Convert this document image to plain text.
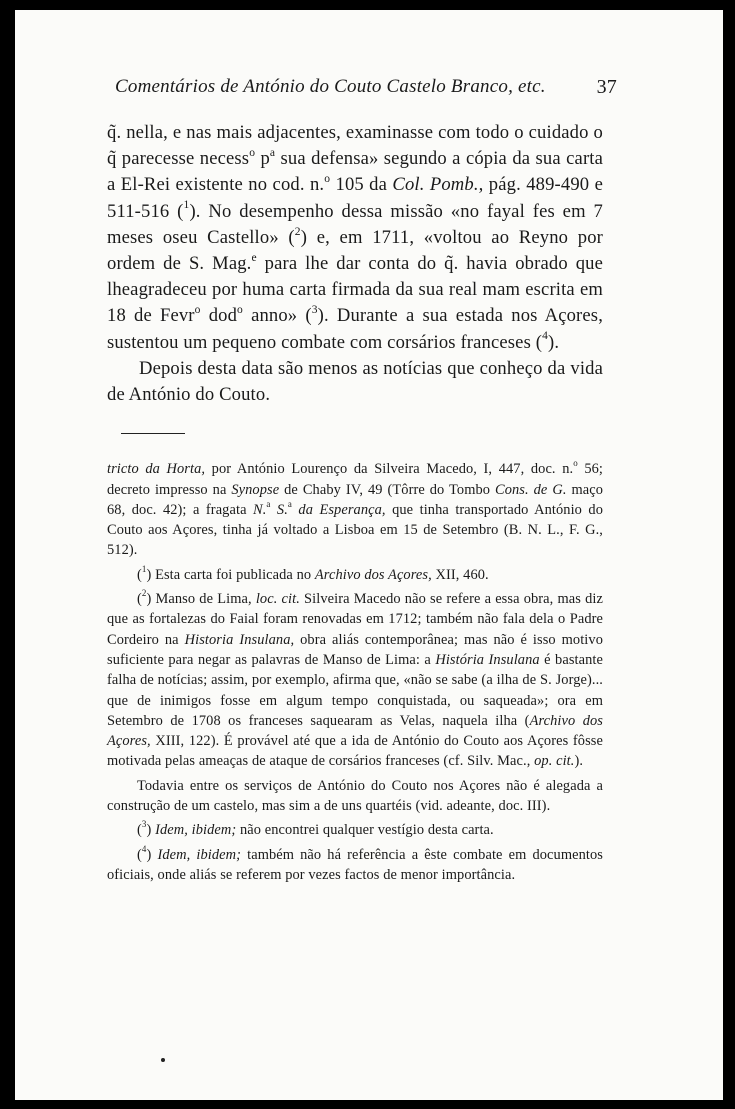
Comentários de António do Couto Castelo Branco, etc.	37

q̃. nella, e nas mais adjacentes, examinasse com todo o cuidado o q̃ parecesse necess$^o$ $p^a$ sua defensa» segundo a cópia da sua carta a El-Rei existente no cod. n.$^o$ 105 da Col. Pomb., pág. 489-490 e 511-516 ($^1$). No desempenho dessa missão «no fayal fes em 7 meses oseu Castello» ($^2$) e, em 1711, «voltou ao Reyno por ordem de S. Mag.$^e$ para lhe dar conta do q̃. havia obrado que lheagradeceu por huma carta firmada da sua real mam escrita em 18 de Fevr$^o$ dod$^o$ anno» ($^3$). Durante a sua estada nos Açores, sustentou um pequeno combate com corsários franceses ($^4$).

Depois desta data são menos as notícias que conheço da vida de António do Couto.

tricto da Horta, por António Lourenço da Silveira Macedo, I, 447, doc. n.$^o$ 56; decreto impresso na Synopse de Chaby IV, 49 (Tôrre do Tombo Cons. de G. maço 68, doc. 42); a fragata N.$^a$ S.$^a$ da Esperança, que tinha transportado António do Couto aos Açores, tinha já voltado a Lisboa em 15 de Setembro (B. N. L., F. G., 512).

($^1$) Esta carta foi publicada no Archivo dos Açores, XII, 460.

($^2$) Manso de Lima, loc. cit. Silveira Macedo não se refere a essa obra, mas diz que as fortalezas do Faial foram renovadas em 1712; também não fala dela o Padre Cordeiro na Historia Insulana, obra aliás contemporânea; mas não é isso motivo suficiente para negar as palavras de Manso de Lima: a História Insulana é bastante falha de notícias; assim, por exemplo, afirma que, «não se sabe (a ilha de S. Jorge)... que de inimigos fosse em algum tempo conquistada, ou saqueada»; ora em Setembro de 1708 os franceses saquearam as Velas, naquela ilha (Archivo dos Açores, XIII, 122). É provável até que a ida de António do Couto aos Açores fôsse motivada pelas ameaças de ataque de corsários franceses (cf. Silv. Mac., op. cit.).

Todavia entre os serviços de António do Couto nos Açores não é alegada a construção de um castelo, mas sim a de uns quartéis (vid. adeante, doc. III).

($^3$) Idem, ibidem; não encontrei qualquer vestígio desta carta.

($^4$) Idem, ibidem; também não há referência a êste combate em documentos oficiais, onde aliás se referem por vezes factos de menor importância.
